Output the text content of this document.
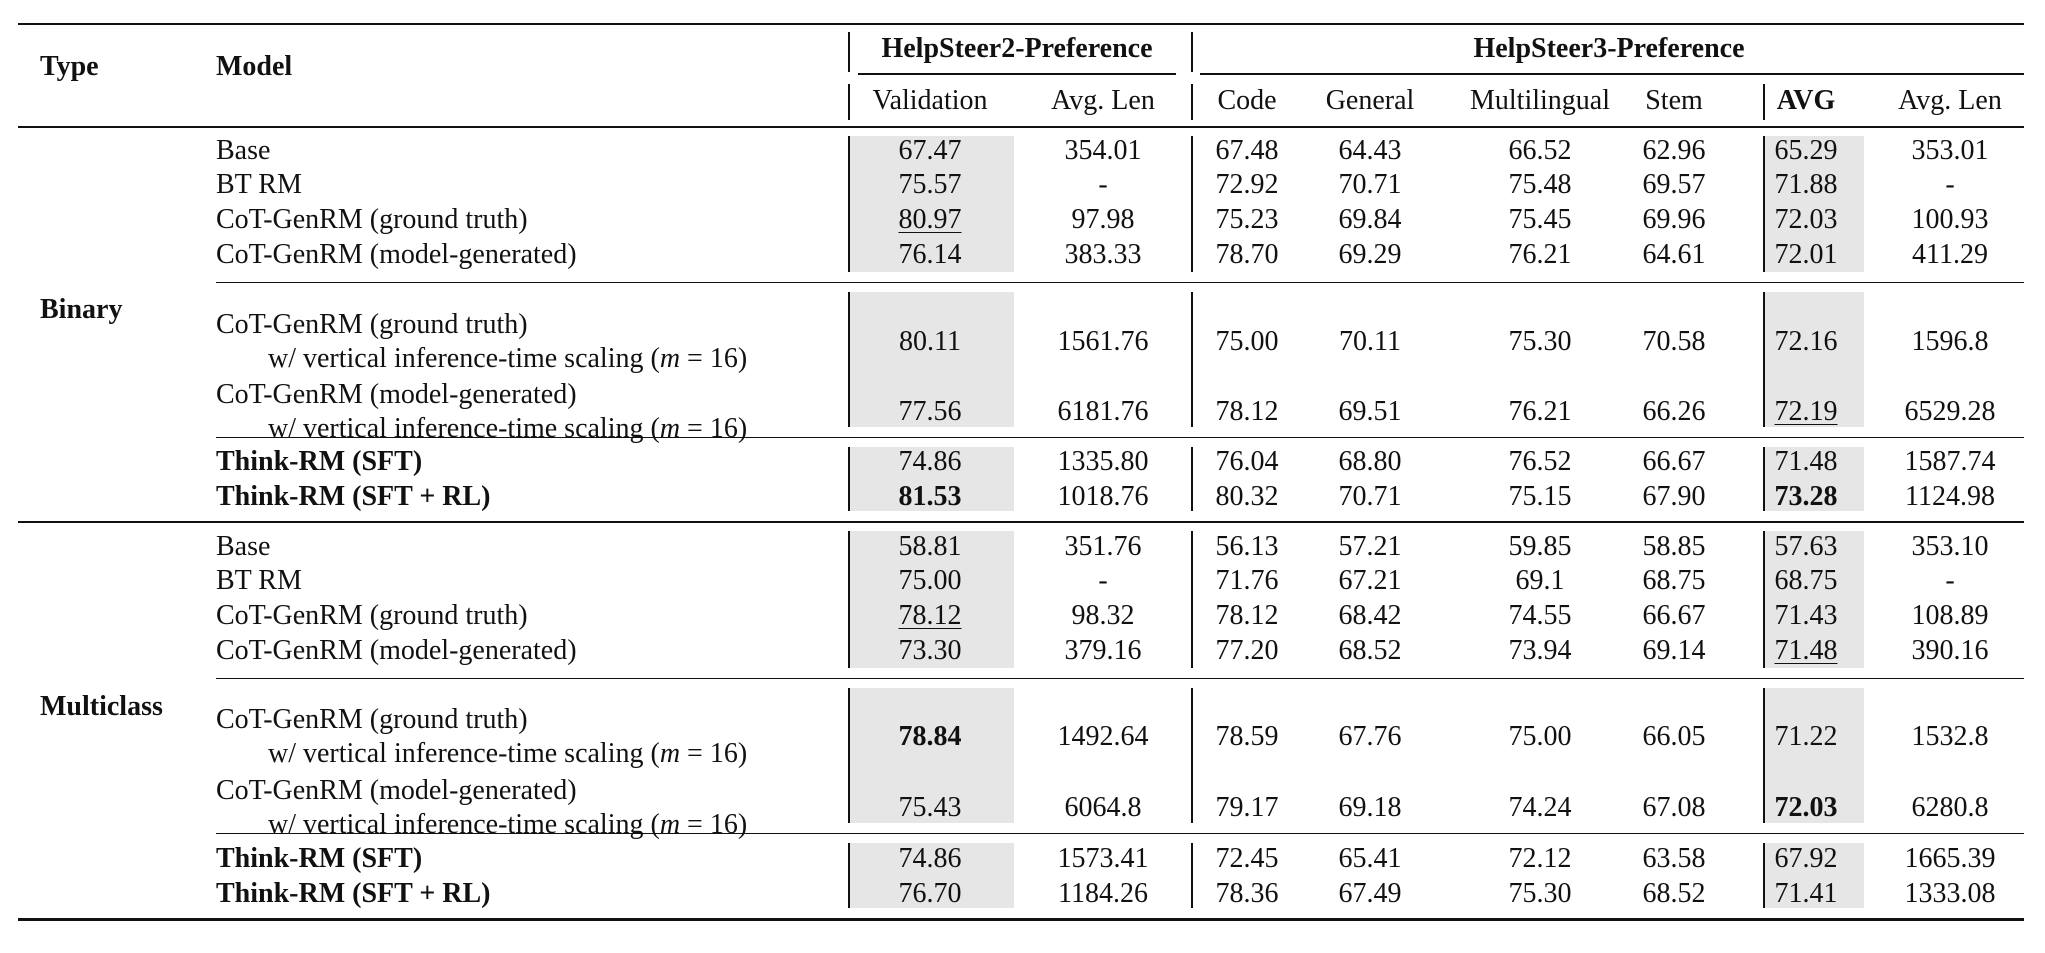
Type	Model
HelpSteer2-Preference	HelpSteer3-Preference
Validation	Avg. Len	Code	General	Multilingual	Stem	AVG	Avg. Len
Binary
Base	67.47	354.01	67.48	64.43	66.52	62.96	65.29	353.01
BT RM	75.57	-	72.92	70.71	75.48	69.57	71.88	-
CoT-GenRM (ground truth)	80.97	97.98	75.23	69.84	75.45	69.96	72.03	100.93
CoT-GenRM (model-generated)	76.14	383.33	78.70	69.29	76.21	64.61	72.01	411.29
CoT-GenRM (ground truth)
w/ vertical inference-time scaling (m = 16)
80.11	1561.76	75.00	70.11	75.30	70.58	72.16	1596.8
CoT-GenRM (model-generated)
w/ vertical inference-time scaling (m = 16)
77.56	6181.76	78.12	69.51	76.21	66.26	72.19	6529.28
Think-RM (SFT)	74.86	1335.80	76.04	68.80	76.52	66.67	71.48	1587.74
Think-RM (SFT + RL)	81.53	1018.76	80.32	70.71	75.15	67.90	73.28	1124.98
Multiclass
Base	58.81	351.76	56.13	57.21	59.85	58.85	57.63	353.10
BT RM	75.00	-	71.76	67.21	69.1	68.75	68.75	-
CoT-GenRM (ground truth)	78.12	98.32	78.12	68.42	74.55	66.67	71.43	108.89
CoT-GenRM (model-generated)	73.30	379.16	77.20	68.52	73.94	69.14	71.48	390.16
CoT-GenRM (ground truth)
w/ vertical inference-time scaling (m = 16)
78.84	1492.64	78.59	67.76	75.00	66.05	71.22	1532.8
CoT-GenRM (model-generated)
w/ vertical inference-time scaling (m = 16)
75.43	6064.8	79.17	69.18	74.24	67.08	72.03	6280.8
Think-RM (SFT)	74.86	1573.41	72.45	65.41	72.12	63.58	67.92	1665.39
Think-RM (SFT + RL)	76.70	1184.26	78.36	67.49	75.30	68.52	71.41	1333.08
